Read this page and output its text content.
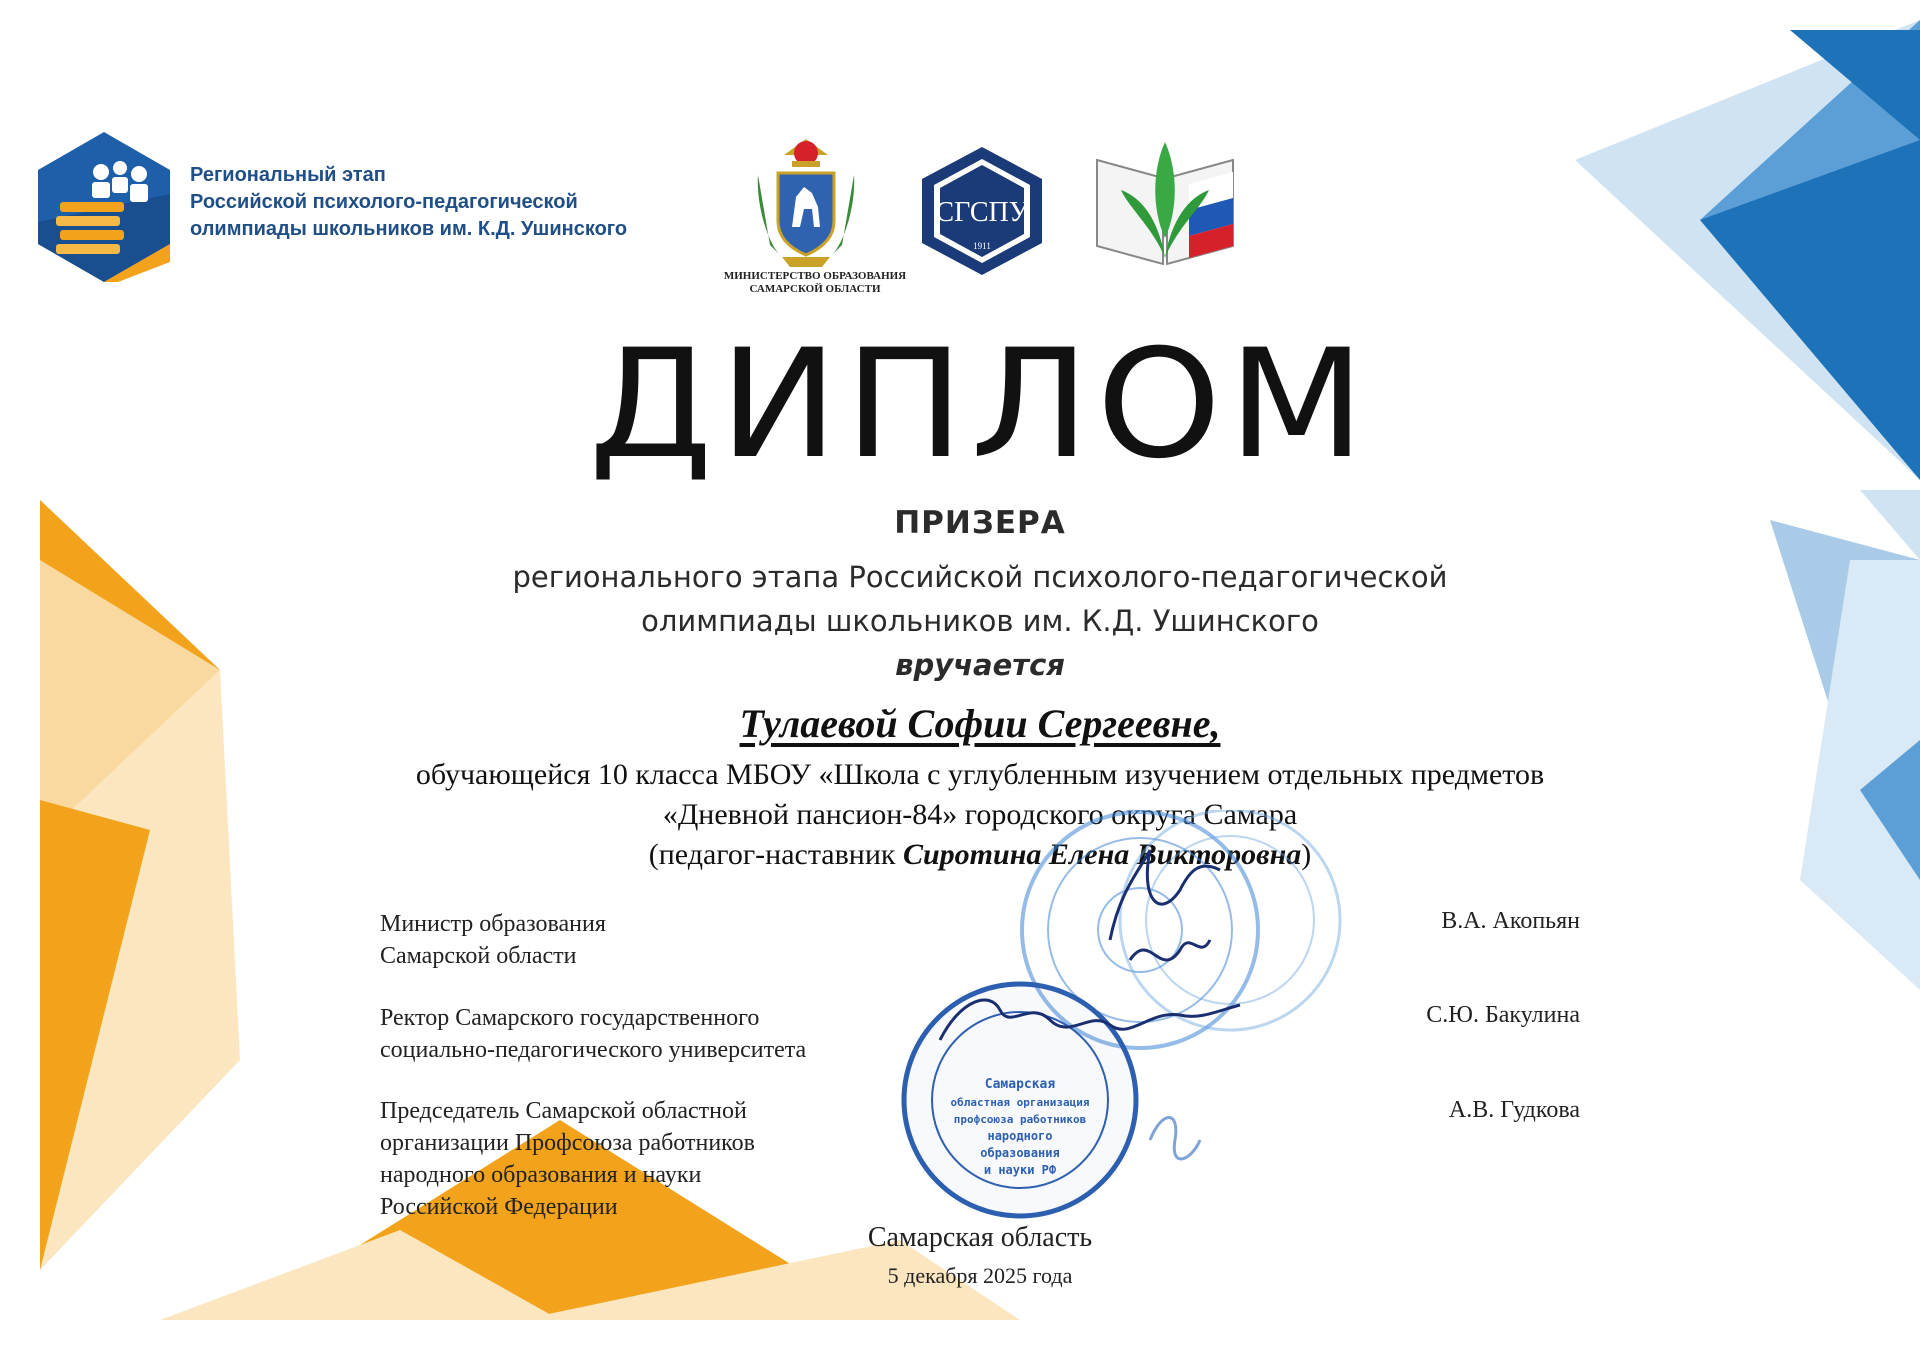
Региональный этап
Российской психолого-педагогической
олимпиады школьников им. К.Д. Ушинского
МИНИСТЕРСТВО ОБРАЗОВАНИЯ
САМАРСКОЙ ОБЛАСТИ
СГСПУ
1911
ДИПЛОМ
ПРИЗЕРА
регионального этапа Российской психолого-педагогической
олимпиады школьников им. К.Д. Ушинского
вручается
Тулаевой Софии Сергеевне,
обучающейся 10 класса МБОУ «Школа с углубленным изучением отдельных предметов
«Дневной пансион-84» городского округа Самара
(педагог-наставник Сиротина Елена Викторовна)
Самарская
областная организация
профсоюза работников
народного
образования
и науки РФ
Министр образования
Самарской области
Ректор Самарского государственного
социально-педагогического университета
Председатель Самарской областной
организации Профсоюза работников
народного образования и науки
Российской Федерации
В.А. Акопьян
С.Ю. Бакулина
А.В. Гудкова
Самарская область
5 декабря 2025 года
